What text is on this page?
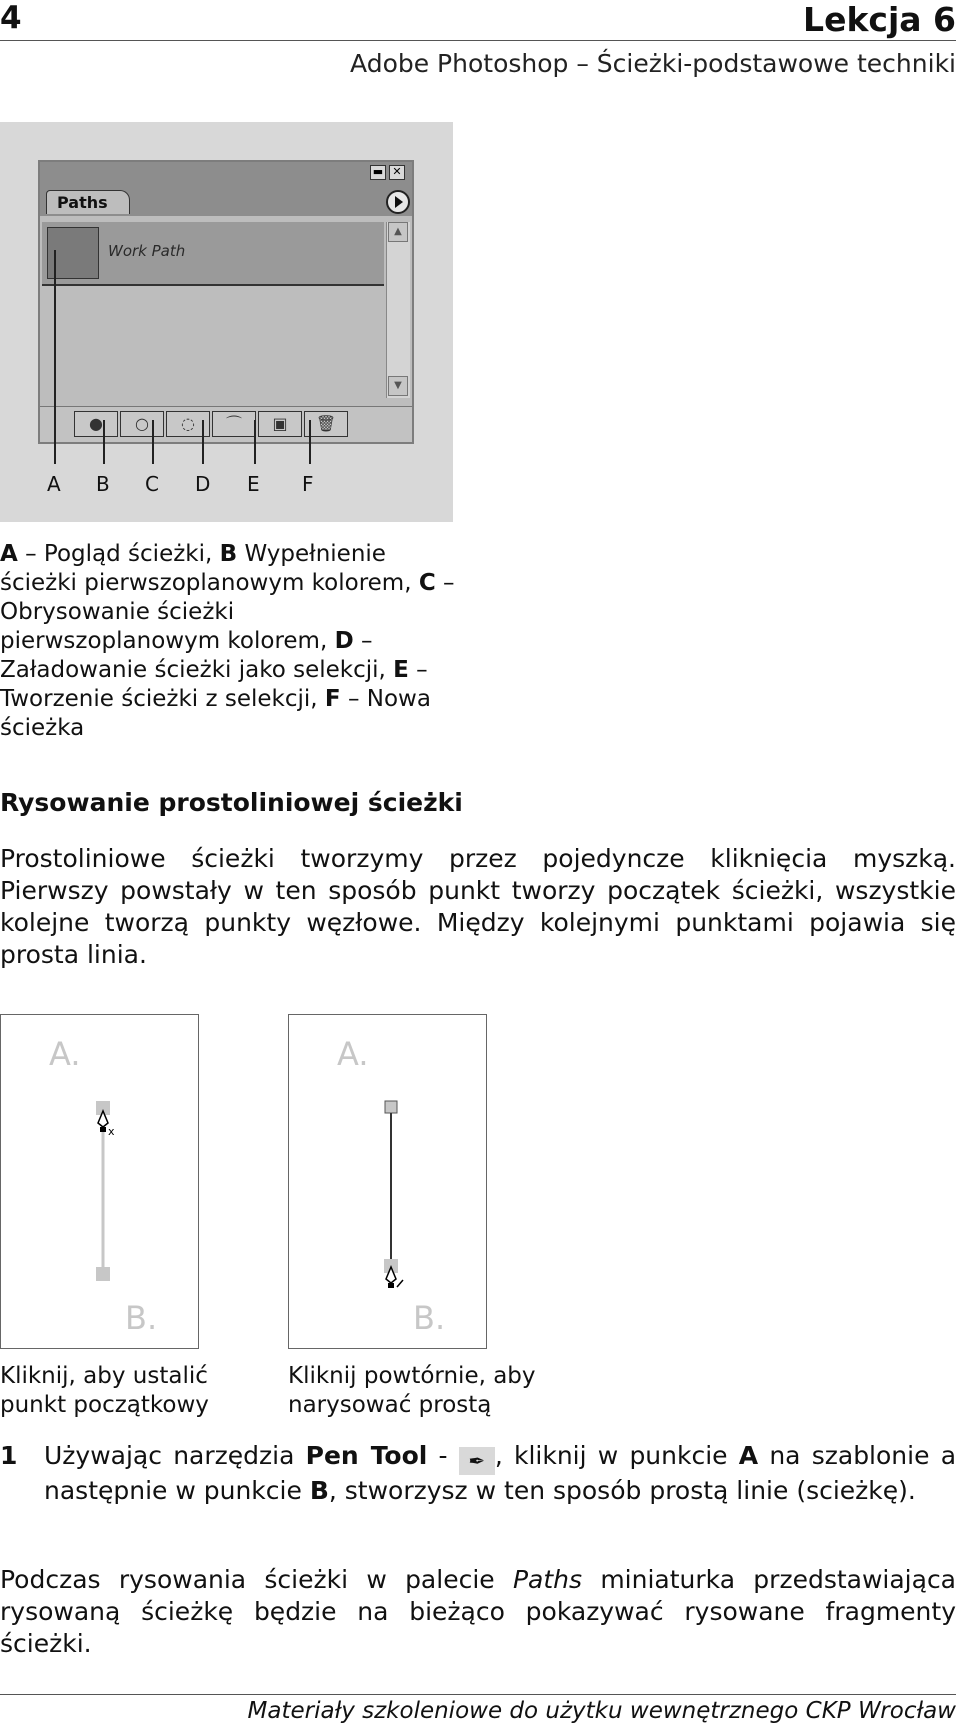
4	Lekcja 6
Adobe Photoshop – Ścieżki-podstawowe techniki
▬ ✕
Paths
Work Path
▲
▼
●	○	◌	⌒	▣	🗑
A B C D E F
A – Pogląd ścieżki, B Wypełnienie ścieżki pierwszoplanowym kolorem, C – Obrysowanie ścieżki pierwszoplanowym kolorem, D – Załadowanie ścieżki jako selekcji, E – Tworzenie ścieżki z selekcji, F – Nowa ścieżka
Rysowanie prostoliniowej ścieżki
Prostoliniowe ścieżki tworzymy przez pojedyncze kliknięcia myszką. Pierwszy powstały w ten sposób punkt tworzy początek ścieżki, wszystkie kolejne tworzą punkty węzłowe. Między kolejnymi punktami pojawia się prosta linia.
A.
x
B.
Kliknij, aby ustalić
punkt początkowy
A.
B.
Kliknij powtórnie, aby
narysować prostą
1 Używając narzędzia Pen Tool - ✒ , kliknij w punkcie A na szablonie a następnie w punkcie B, stworzysz w ten sposób prostą linie (scieżkę).
Podczas rysowania ścieżki w palecie Paths miniaturka przedstawiająca rysowaną ścieżkę będzie na bieżąco pokazywać rysowane fragmenty ścieżki.
Materiały szkoleniowe do użytku wewnętrznego CKP Wrocław
